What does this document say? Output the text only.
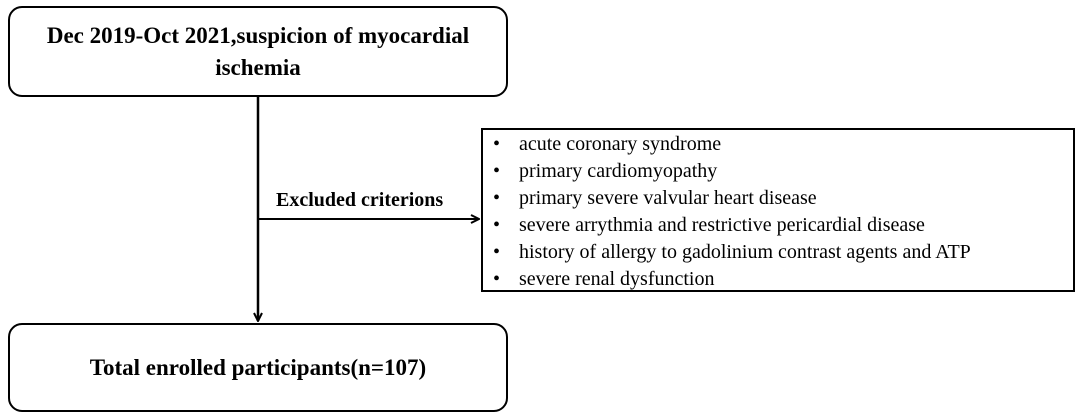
Dec 2019-Oct 2021,suspicion of myocardial ischemia
Excluded criterions
• acute coronary syndrome
• primary cardiomyopathy
• primary severe valvular heart disease
• severe arrythmia and restrictive pericardial disease
• history of allergy to gadolinium contrast agents and ATP
• severe renal dysfunction
Total enrolled participants(n=107)
